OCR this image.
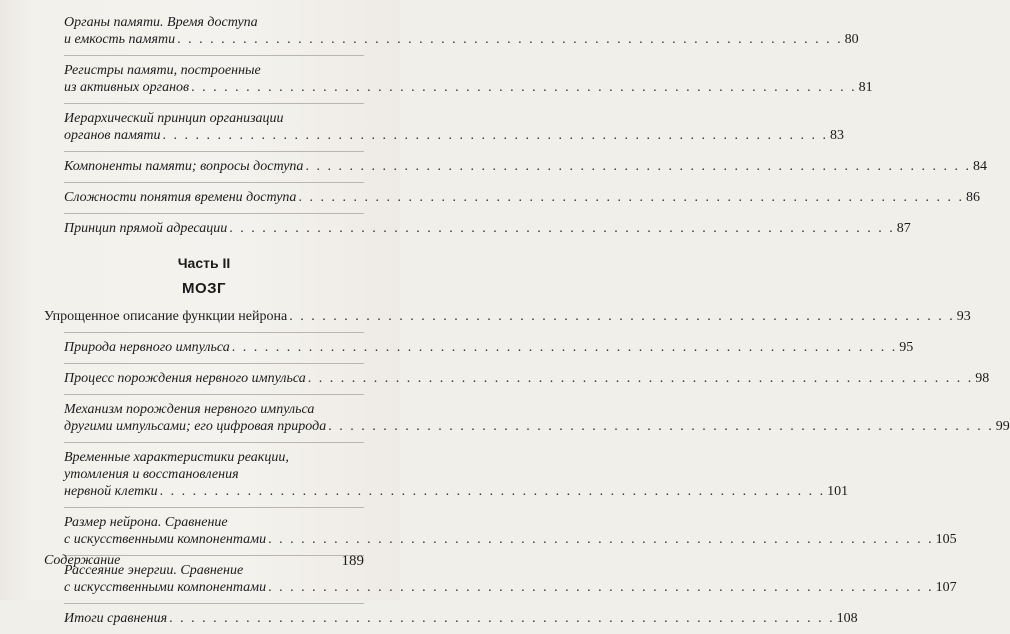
Органы памяти. Время доступа
и емкость памяти . . .	80
Регистры памяти, построенные
из активных органов . . .	81
Иерархический принцип организации
органов памяти . . .	83
Компоненты памяти; вопросы доступа . . .	84
Сложности понятия времени доступа . . .	86
Принцип прямой адресации . . .	87
Часть II
МОЗГ
Упрощенное описание функции нейрона . . .	93
Природа нервного импульса . . .	95
Процесс порождения нервного импульса . . .	98
Механизм порождения нервного импульса
другими импульсами; его цифровая природа . . .	99
Временные характеристики реакции,
утомления и восстановления
нервной клетки . . .	101
Размер нейрона. Сравнение
с искусственными компонентами . . .	105
Рассеяние энергии. Сравнение
с искусственными компонентами . . .	107
Итоги сравнения . . .	108
Содержание	189
